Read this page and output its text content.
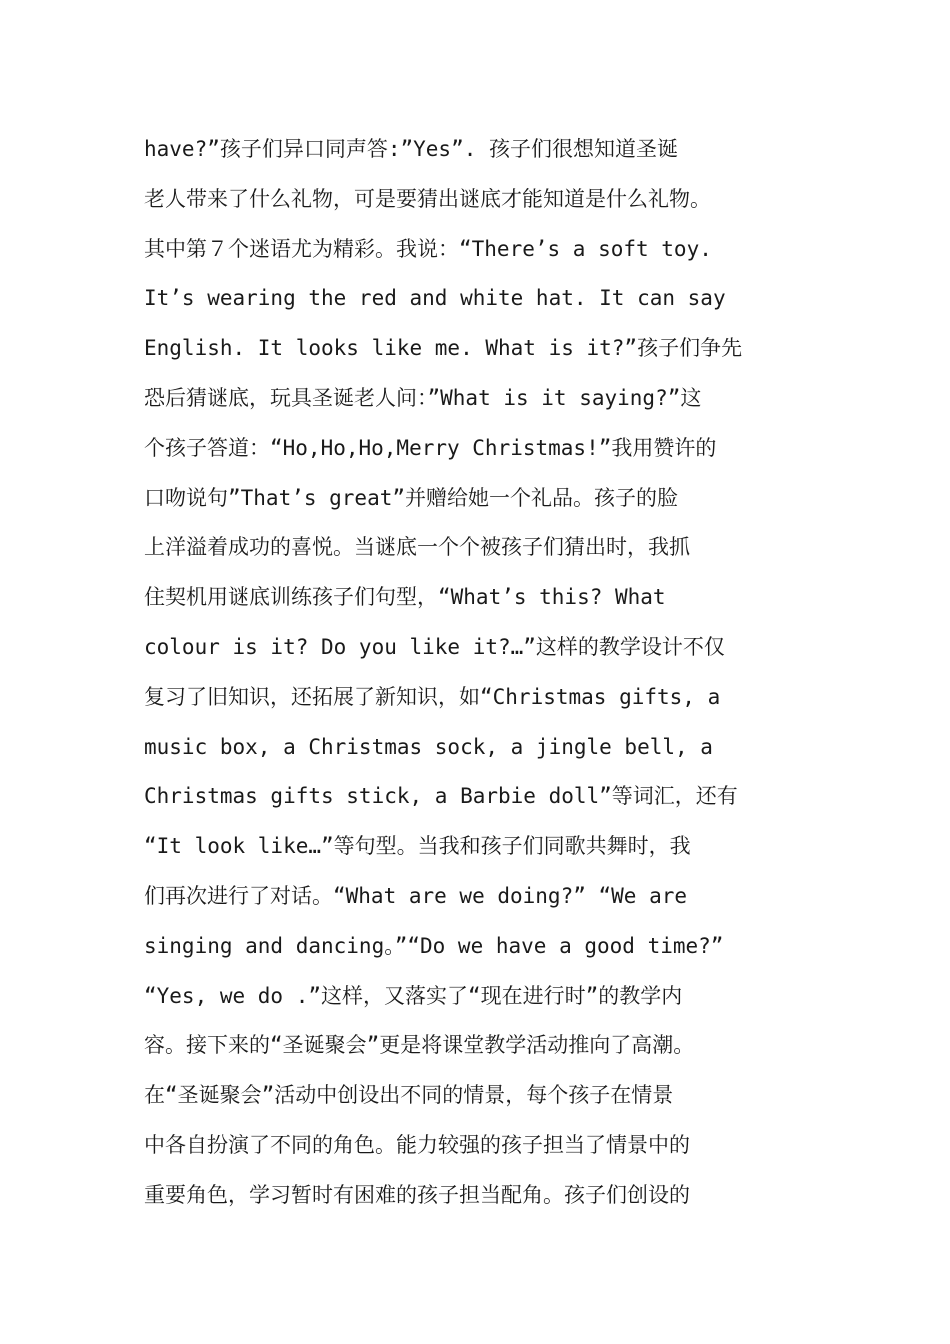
have?”孩子们异口同声答:”Yes”. 孩子们很想知道圣诞
老人带来了什么礼物，可是要猜出谜底才能知道是什么礼物。
其中第７个迷语尤为精彩。我说：“There’s a soft toy.
It’s wearing the red and white hat. It can say
English. It looks like me. What is it?”孩子们争先
恐后猜谜底，玩具圣诞老人问：”What is it saying?”这
个孩子答道：“Ho,Ho,Ho,Merry Christmas!”我用赞许的
口吻说句”That’s great”并赠给她一个礼品。孩子的脸
上洋溢着成功的喜悦。当谜底一个个被孩子们猜出时，我抓
住契机用谜底训练孩子们句型，“What’s this? What
colour is it? Do you like it?…”这样的教学设计不仅
复习了旧知识，还拓展了新知识，如“Christmas gifts, a
music box, a Christmas sock, a jingle bell, a
Christmas gifts stick, a Barbie doll”等词汇，还有
“It look like…”等句型。当我和孩子们同歌共舞时，我
们再次进行了对话。“What are we doing?” “We are
singing and dancing。”“Do we have a good time?”
“Yes, we do .”这样，又落实了“现在进行时”的教学内
容。接下来的“圣诞聚会”更是将课堂教学活动推向了高潮。
在“圣诞聚会”活动中创设出不同的情景，每个孩子在情景
中各自扮演了不同的角色。能力较强的孩子担当了情景中的
重要角色，学习暂时有困难的孩子担当配角。孩子们创设的
